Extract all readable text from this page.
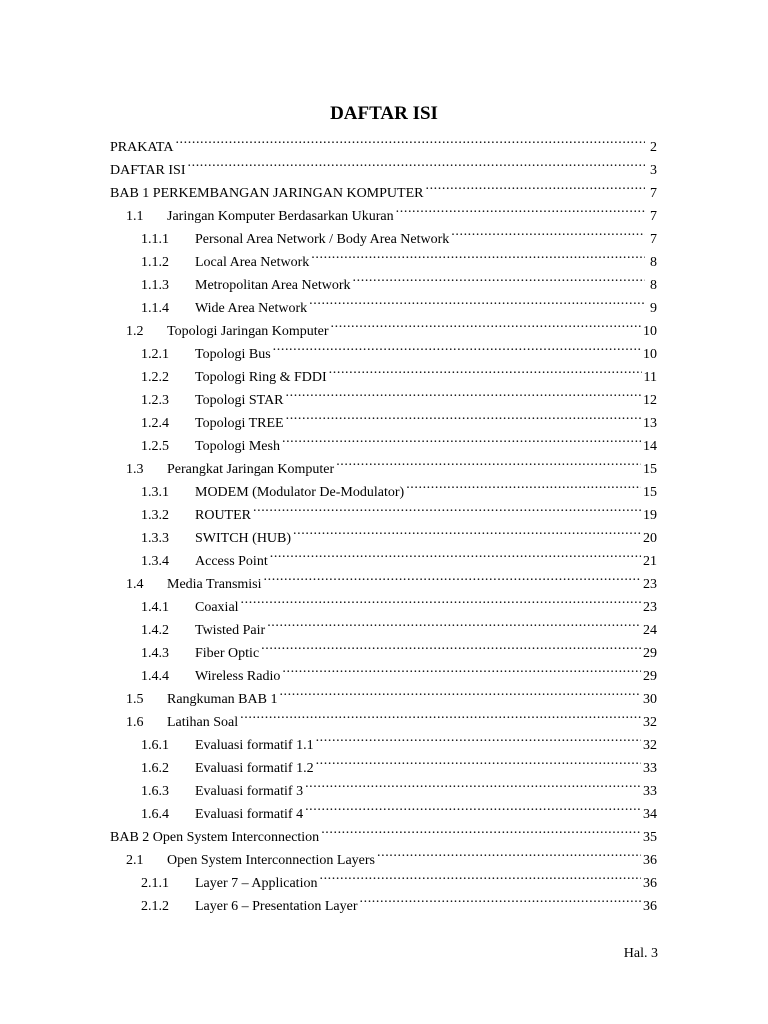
DAFTAR ISI
PRAKATA .....	2
DAFTAR ISI .....	3
BAB 1 PERKEMBANGAN JARINGAN KOMPUTER .....	7
1.1	Jaringan Komputer Berdasarkan Ukuran .....	7
1.1.1	Personal Area Network / Body Area Network .....	7
1.1.2	Local Area Network .....	8
1.1.3	Metropolitan Area Network .....	8
1.1.4	Wide Area Network .....	9
1.2	Topologi Jaringan Komputer .....	10
1.2.1	Topologi Bus .....	10
1.2.2	Topologi Ring & FDDI .....	11
1.2.3	Topologi STAR .....	12
1.2.4	Topologi TREE .....	13
1.2.5	Topologi Mesh .....	14
1.3	Perangkat Jaringan Komputer .....	15
1.3.1	MODEM (Modulator De-Modulator) .....	15
1.3.2	ROUTER .....	19
1.3.3	SWITCH (HUB) .....	20
1.3.4	Access Point .....	21
1.4	Media Transmisi .....	23
1.4.1	Coaxial .....	23
1.4.2	Twisted Pair .....	24
1.4.3	Fiber Optic .....	29
1.4.4	Wireless Radio .....	29
1.5	Rangkuman BAB 1 .....	30
1.6	Latihan Soal .....	32
1.6.1	Evaluasi formatif 1.1 .....	32
1.6.2	Evaluasi formatif 1.2 .....	33
1.6.3	Evaluasi formatif 3 .....	33
1.6.4	Evaluasi formatif 4 .....	34
BAB 2 Open System Interconnection .....	35
2.1	Open System Interconnection Layers .....	36
2.1.1	Layer 7 – Application .....	36
2.1.2	Layer 6 – Presentation Layer .....	36
Hal. 3
